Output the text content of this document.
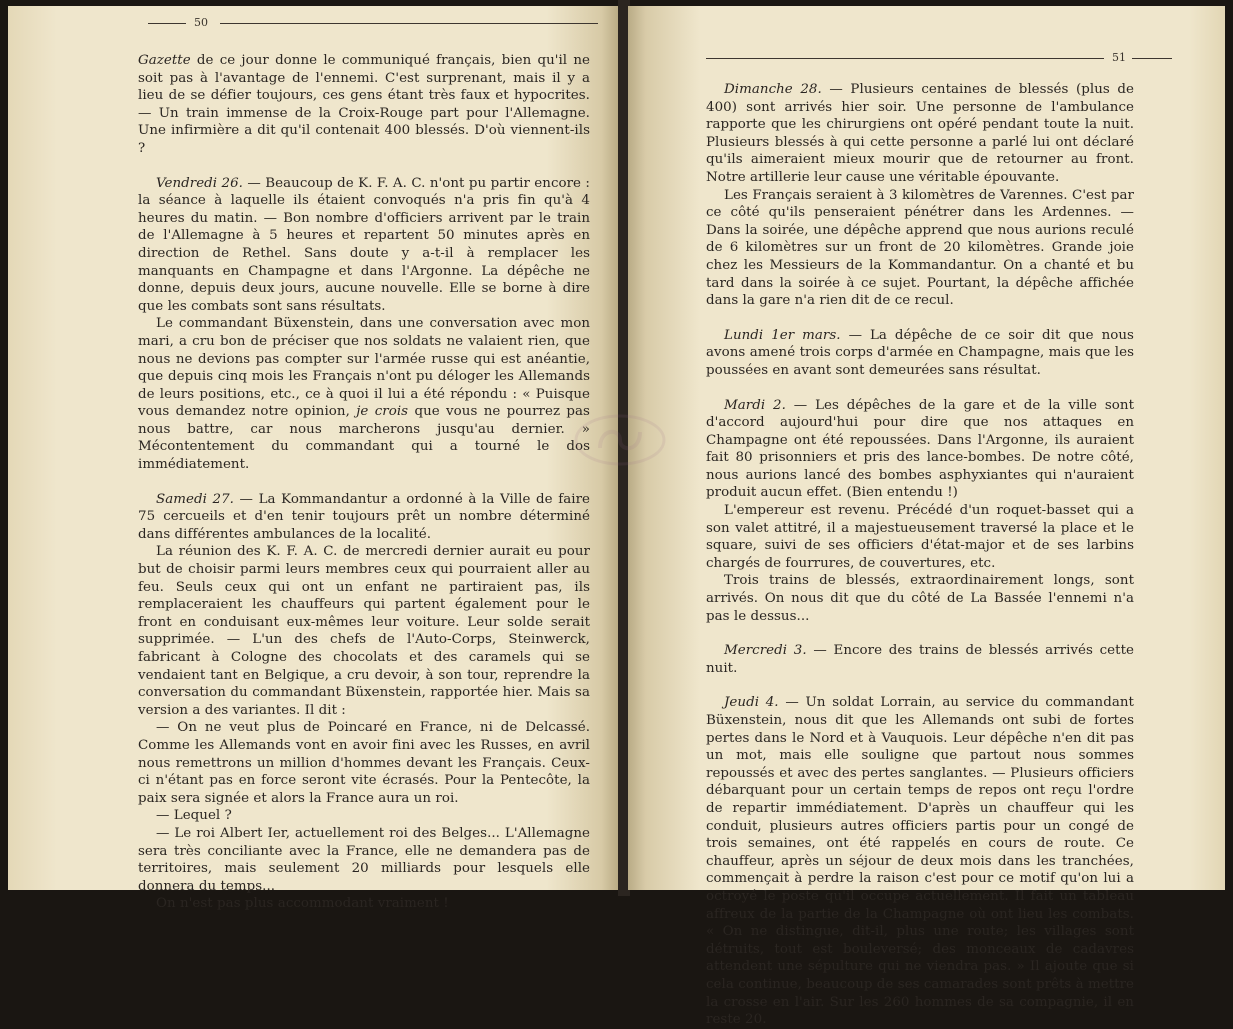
50

Gazette de ce jour donne le communiqué français, bien qu'il ne soit pas à l'avantage de l'ennemi. C'est surprenant, mais il y a lieu de se défier toujours, ces gens étant très faux et hypocrites. — Un train immense de la Croix-Rouge part pour l'Allemagne. Une infirmière a dit qu'il contenait 400 blessés. D'où viennent-ils ?

Vendredi 26. — Beaucoup de K. F. A. C. n'ont pu partir encore : la séance à laquelle ils étaient convoqués n'a pris fin qu'à 4 heures du matin. — Bon nombre d'officiers arrivent par le train de l'Allemagne à 5 heures et repartent 50 minutes après en direction de Rethel. Sans doute y a-t-il à remplacer les manquants en Champagne et dans l'Argonne. La dépêche ne donne, depuis deux jours, aucune nouvelle. Elle se borne à dire que les combats sont sans résultats.

Le commandant Büxenstein, dans une conversation avec mon mari, a cru bon de préciser que nos soldats ne valaient rien, que nous ne devions pas compter sur l'armée russe qui est anéantie, que depuis cinq mois les Français n'ont pu déloger les Allemands de leurs positions, etc., ce à quoi il lui a été répondu : « Puisque vous demandez notre opinion, je crois que vous ne pourrez pas nous battre, car nous marcherons jusqu'au dernier. » Mécontentement du commandant qui a tourné le dos immédiatement.

Samedi 27. — La Kommandantur a ordonné à la Ville de faire 75 cercueils et d'en tenir toujours prêt un nombre déterminé dans différentes ambulances de la localité.

La réunion des K. F. A. C. de mercredi dernier aurait eu pour but de choisir parmi leurs membres ceux qui pourraient aller au feu. Seuls ceux qui ont un enfant ne partiraient pas, ils remplaceraient les chauffeurs qui partent également pour le front en conduisant eux-mêmes leur voiture. Leur solde serait supprimée. — L'un des chefs de l'Auto-Corps, Steinwerck, fabricant à Cologne des chocolats et des caramels qui se vendaient tant en Belgique, a cru devoir, à son tour, reprendre la conversation du commandant Büxenstein, rapportée hier. Mais sa version a des variantes. Il dit :

— On ne veut plus de Poincaré en France, ni de Delcassé. Comme les Allemands vont en avoir fini avec les Russes, en avril nous remettrons un million d'hommes devant les Français. Ceux-ci n'étant pas en force seront vite écrasés. Pour la Pentecôte, la paix sera signée et alors la France aura un roi.

— Lequel ?

— Le roi Albert Ier, actuellement roi des Belges... L'Allemagne sera très conciliante avec la France, elle ne demandera pas de territoires, mais seulement 20 milliards pour lesquels elle donnera du temps...

On n'est pas plus accommodant vraiment !

51

Dimanche 28. — Plusieurs centaines de blessés (plus de 400) sont arrivés hier soir. Une personne de l'ambulance rapporte que les chirurgiens ont opéré pendant toute la nuit. Plusieurs blessés à qui cette personne a parlé lui ont déclaré qu'ils aimeraient mieux mourir que de retourner au front. Notre artillerie leur cause une véritable épouvante.

Les Français seraient à 3 kilomètres de Varennes. C'est par ce côté qu'ils penseraient pénétrer dans les Ardennes. — Dans la soirée, une dépêche apprend que nous aurions reculé de 6 kilomètres sur un front de 20 kilomètres. Grande joie chez les Messieurs de la Kommandantur. On a chanté et bu tard dans la soirée à ce sujet. Pourtant, la dépêche affichée dans la gare n'a rien dit de ce recul.

Lundi 1er mars. — La dépêche de ce soir dit que nous avons amené trois corps d'armée en Champagne, mais que les poussées en avant sont demeurées sans résultat.

Mardi 2. — Les dépêches de la gare et de la ville sont d'accord aujourd'hui pour dire que nos attaques en Champagne ont été repoussées. Dans l'Argonne, ils auraient fait 80 prisonniers et pris des lance-bombes. De notre côté, nous aurions lancé des bombes asphyxiantes qui n'auraient produit aucun effet. (Bien entendu !)

L'empereur est revenu. Précédé d'un roquet-basset qui a son valet attitré, il a majestueusement traversé la place et le square, suivi de ses officiers d'état-major et de ses larbins chargés de fourrures, de couvertures, etc.

Trois trains de blessés, extraordinairement longs, sont arrivés. On nous dit que du côté de La Bassée l'ennemi n'a pas le dessus...

Mercredi 3. — Encore des trains de blessés arrivés cette nuit.

Jeudi 4. — Un soldat Lorrain, au service du commandant Büxenstein, nous dit que les Allemands ont subi de fortes pertes dans le Nord et à Vauquois. Leur dépêche n'en dit pas un mot, mais elle souligne que partout nous sommes repoussés et avec des pertes sanglantes. — Plusieurs officiers débarquant pour un certain temps de repos ont reçu l'ordre de repartir immédiatement. D'après un chauffeur qui les conduit, plusieurs autres officiers partis pour un congé de trois semaines, ont été rappelés en cours de route. Ce chauffeur, après un séjour de deux mois dans les tranchées, commençait à perdre la raison c'est pour ce motif qu'on lui a octroyé le poste qu'il occupe actuellement. Il fait un tableau affreux de la partie de la Champagne où ont lieu les combats. « On ne distingue, dit-il, plus une route; les villages sont détruits, tout est bouleversé; des monceaux de cadavres attendent une sépulture qui ne viendra pas. » Il ajoute que si cela continue, beaucoup de ses camarades sont prêts à mettre la crosse en l'air. Sur les 260 hommes de sa compagnie, il en reste 20.
